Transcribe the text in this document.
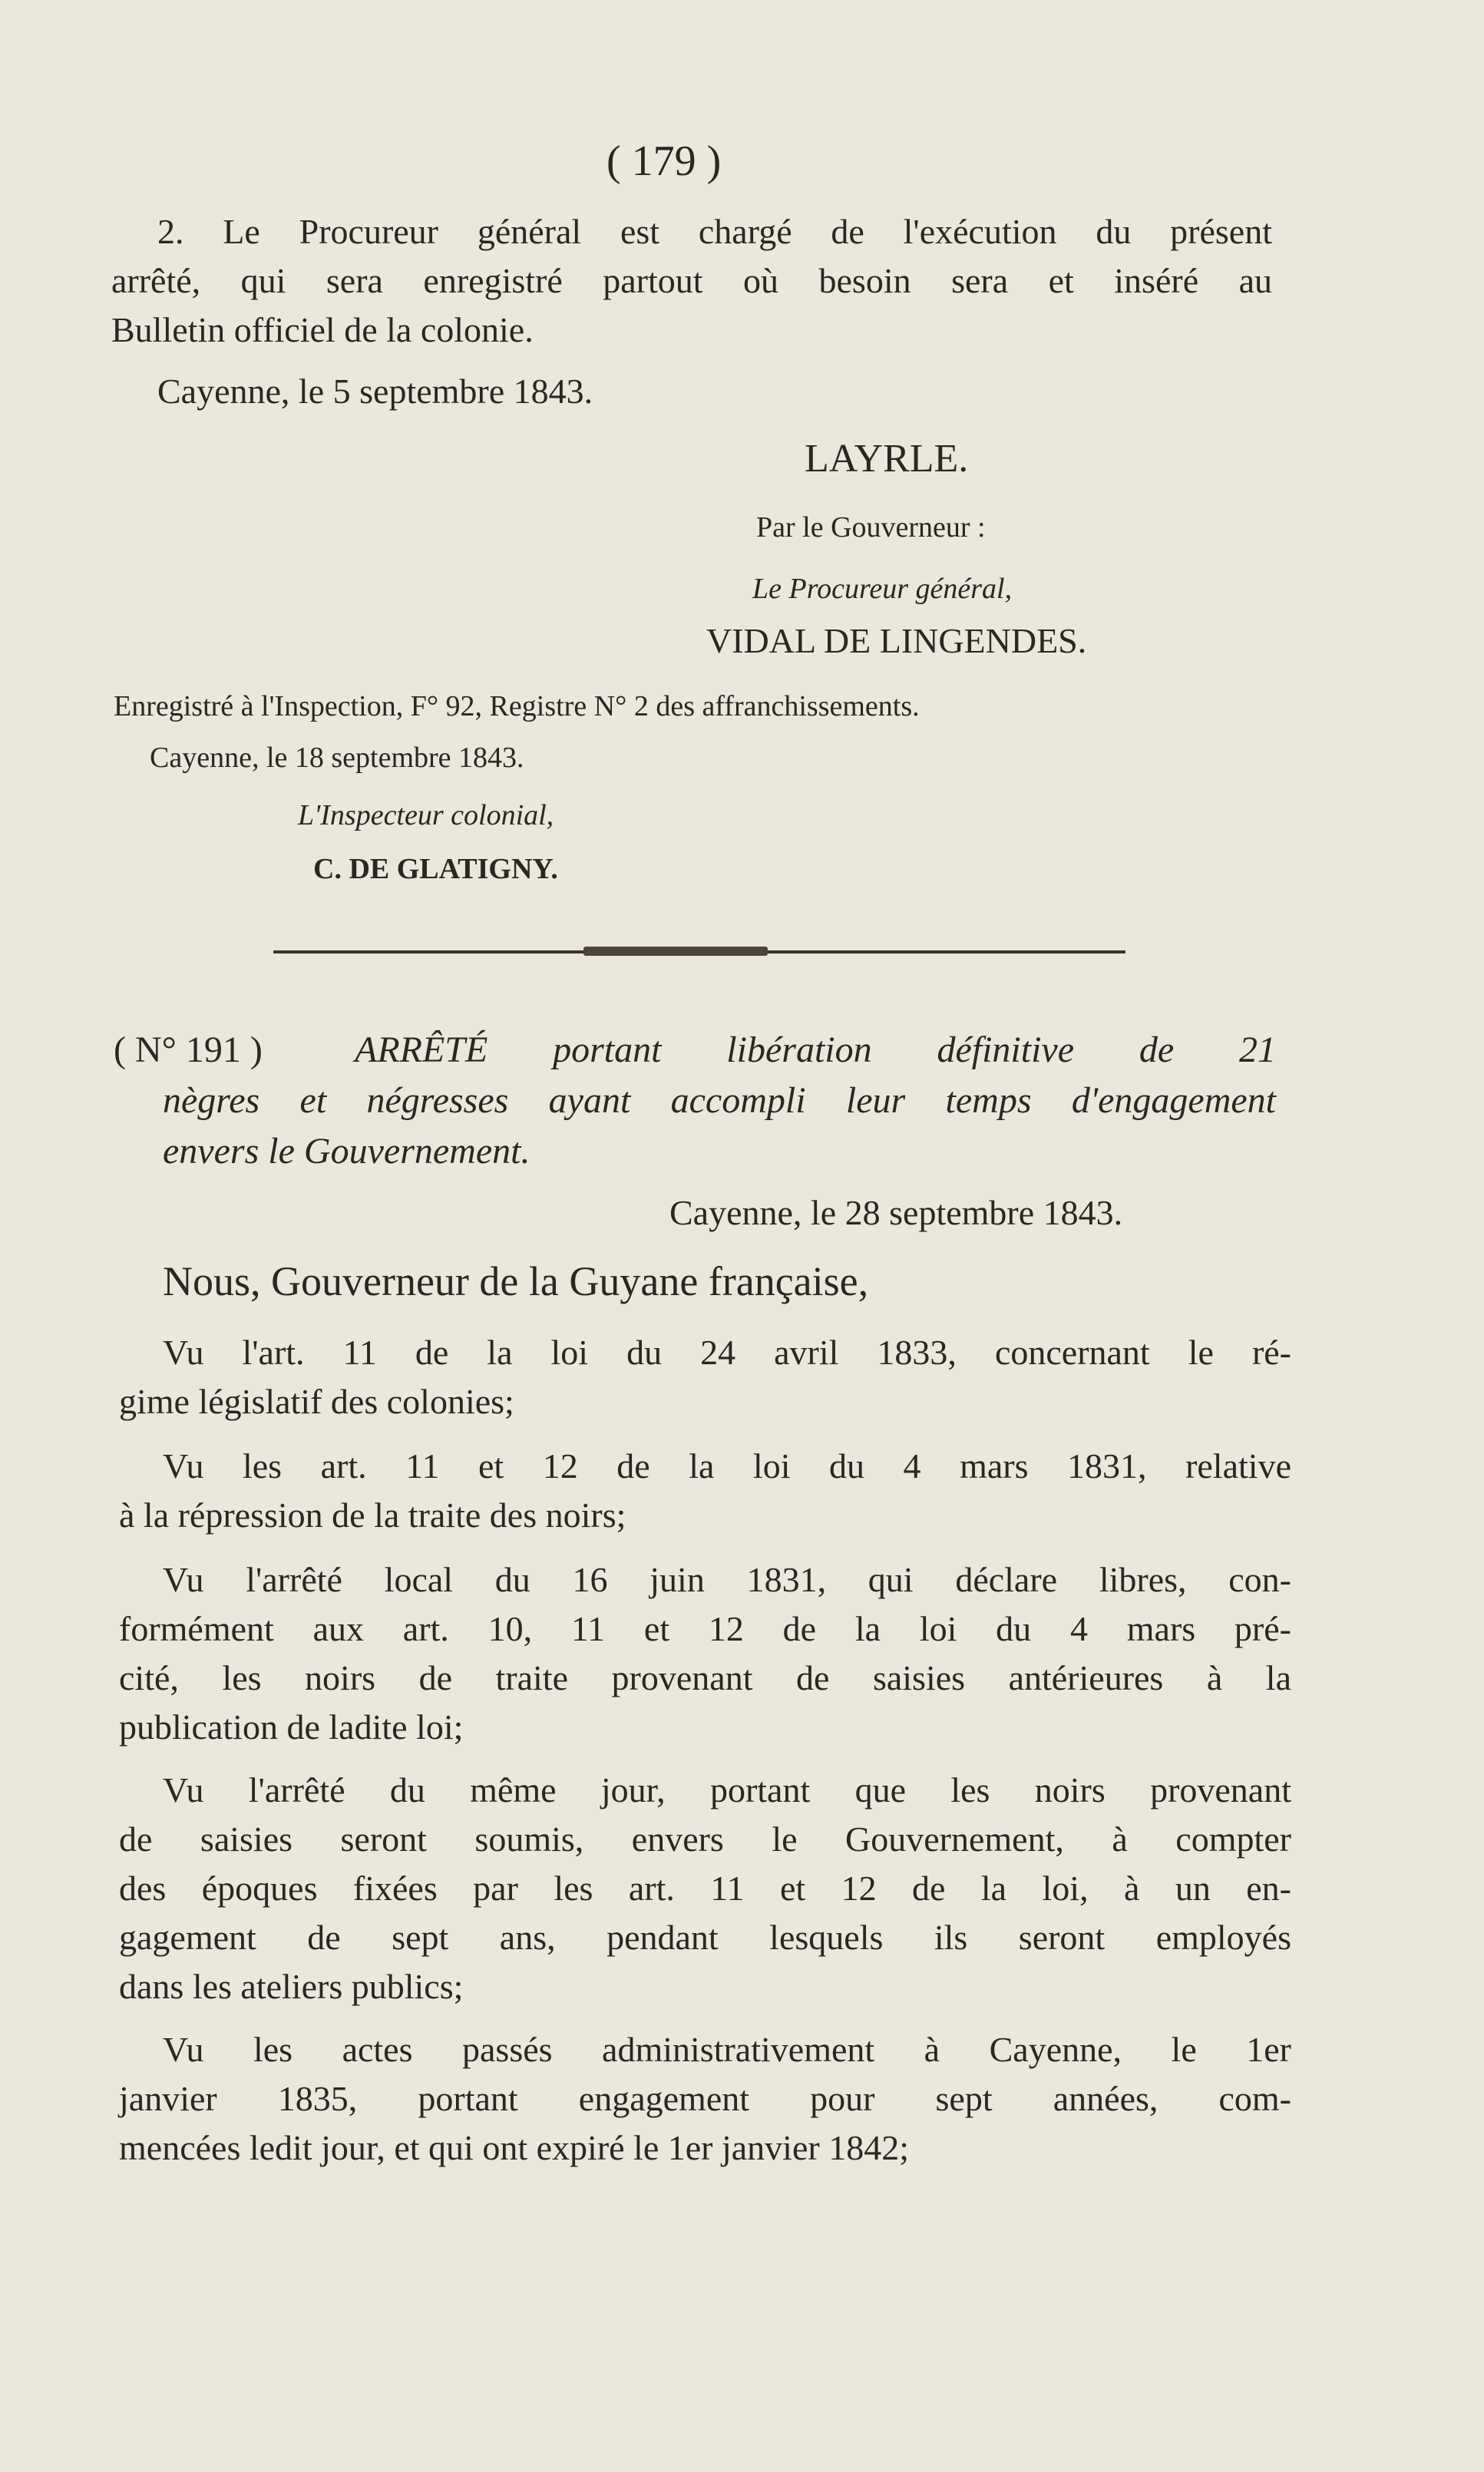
( 179 )
2. Le Procureur général est chargé de l'exécution du présent
arrêté, qui sera enregistré partout où besoin sera et inséré au
Bulletin officiel de la colonie.
Cayenne, le 5 septembre 1843.
LAYRLE.
Par le Gouverneur :
Le Procureur général,
VIDAL DE LINGENDES.
Enregistré à l'Inspection, F° 92, Registre N° 2 des affranchissements.
Cayenne, le 18 septembre 1843.
L'Inspecteur colonial,
C. DE GLATIGNY.
( N° 191 )	ARRÊTÉ portant libération définitive de 21
nègres et négresses ayant accompli leur temps d'engagement
envers le Gouvernement.
Cayenne, le 28 septembre 1843.
Nous, Gouverneur de la Guyane française,
Vu l'art. 11 de la loi du 24 avril 1833, concernant le ré-
gime législatif des colonies;
Vu les art. 11 et 12 de la loi du 4 mars 1831, relative
à la répression de la traite des noirs;
Vu l'arrêté local du 16 juin 1831, qui déclare libres, con-
formément aux art. 10, 11 et 12 de la loi du 4 mars pré-
cité, les noirs de traite provenant de saisies antérieures à la
publication de ladite loi;
Vu l'arrêté du même jour, portant que les noirs provenant
de saisies seront soumis, envers le Gouvernement, à compter
des époques fixées par les art. 11 et 12 de la loi, à un en-
gagement de sept ans, pendant lesquels ils seront employés
dans les ateliers publics;
Vu les actes passés administrativement à Cayenne, le 1er
janvier 1835, portant engagement pour sept années, com-
mencées ledit jour, et qui ont expiré le 1er janvier 1842;
